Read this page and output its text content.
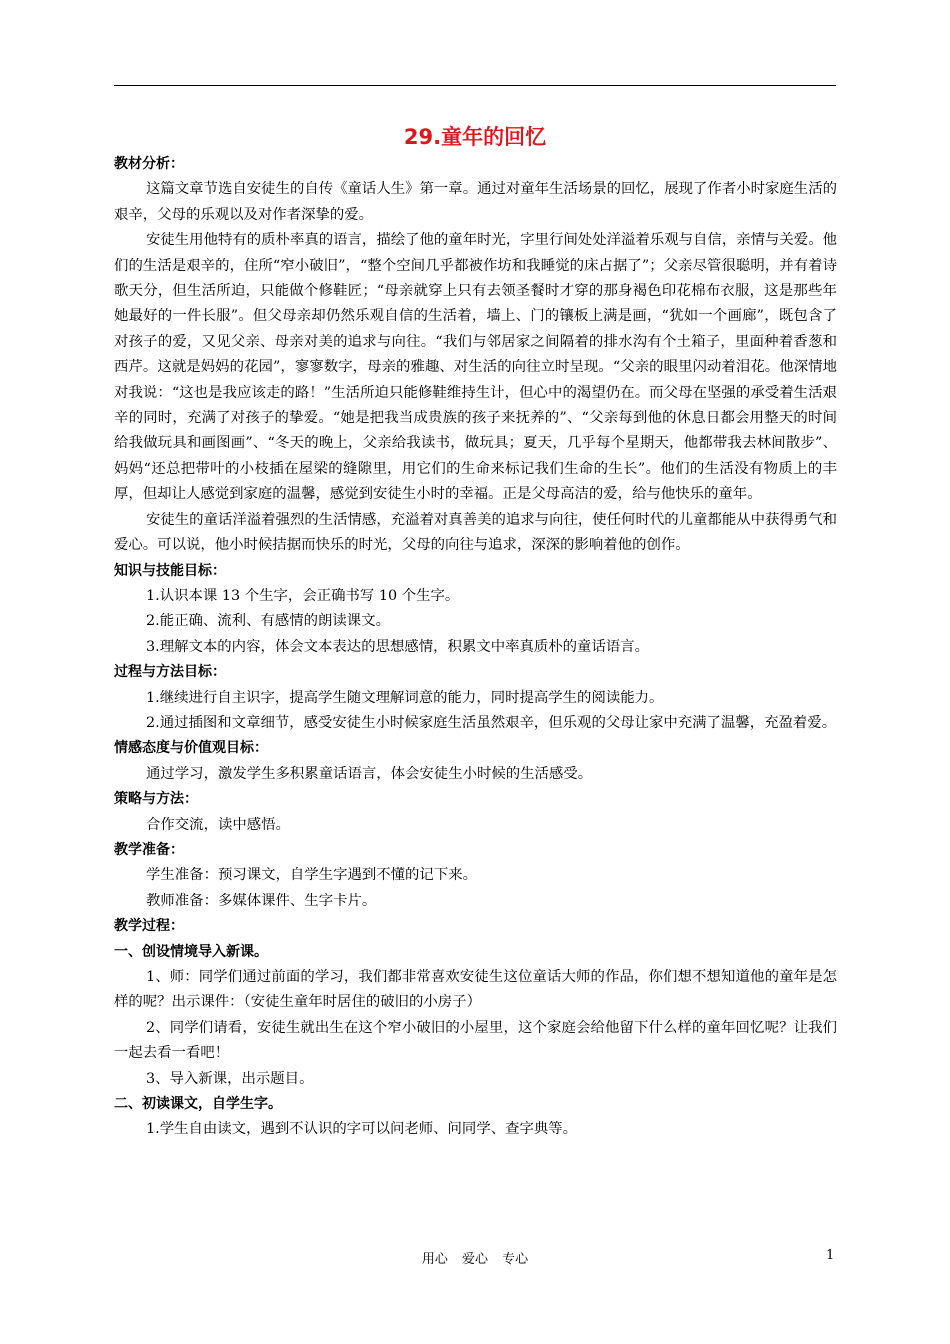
29.童年的回忆

教材分析：

这篇文章节选自安徒生的自传《童话人生》第一章。通过对童年生活场景的回忆，展现了作者小时家庭生活的艰辛，父母的乐观以及对作者深挚的爱。

安徒生用他特有的质朴率真的语言，描绘了他的童年时光，字里行间处处洋溢着乐观与自信，亲情与关爱。他们的生活是艰辛的，住所“窄小破旧”，“整个空间几乎都被作坊和我睡觉的床占据了”；父亲尽管很聪明，并有着诗歌天分，但生活所迫，只能做个修鞋匠；“母亲就穿上只有去领圣餐时才穿的那身褐色印花棉布衣服，这是那些年她最好的一件长服”。但父母亲却仍然乐观自信的生活着，墙上、门的镶板上满是画，“犹如一个画廊”，既包含了对孩子的爱，又见父亲、母亲对美的追求与向往。“我们与邻居家之间隔着的排水沟有个土箱子，里面种着香葱和西芹。这就是妈妈的花园”，寥寥数字，母亲的雅趣、对生活的向往立时呈现。“父亲的眼里闪动着泪花。他深情地对我说：“这也是我应该走的路！”生活所迫只能修鞋维持生计，但心中的渴望仍在。而父母在坚强的承受着生活艰辛的同时，充满了对孩子的挚爱。“她是把我当成贵族的孩子来抚养的”、“父亲每到他的休息日都会用整天的时间给我做玩具和画图画”、“冬天的晚上，父亲给我读书，做玩具；夏天，几乎每个星期天，他都带我去林间散步”、 妈妈“还总把带叶的小枝插在屋梁的缝隙里，用它们的生命来标记我们生命的生长”。他们的生活没有物质上的丰厚，但却让人感觉到家庭的温馨，感觉到安徒生小时的幸福。正是父母高洁的爱，给与他快乐的童年。

安徒生的童话洋溢着强烈的生活情感，充溢着对真善美的追求与向往，使任何时代的儿童都能从中获得勇气和爱心。可以说，他小时候拮据而快乐的时光，父母的向往与追求，深深的影响着他的创作。

知识与技能目标：

1.认识本课 13 个生字，会正确书写 10 个生字。

2.能正确、流利、有感情的朗读课文。

3.理解文本的内容，体会文本表达的思想感情，积累文中率真质朴的童话语言。

过程与方法目标：

1.继续进行自主识字，提高学生随文理解词意的能力，同时提高学生的阅读能力。

2.通过插图和文章细节，感受安徒生小时候家庭生活虽然艰辛，但乐观的父母让家中充满了温馨，充盈着爱。

情感态度与价值观目标：

通过学习，激发学生多积累童话语言，体会安徒生小时候的生活感受。

策略与方法：

合作交流，读中感悟。

教学准备：

学生准备：预习课文，自学生字遇到不懂的记下来。

教师准备：多媒体课件、生字卡片。

教学过程：

一、创设情境导入新课。

1、师：同学们通过前面的学习，我们都非常喜欢安徒生这位童话大师的作品，你们想不想知道他的童年是怎样的呢？出示课件：（安徒生童年时居住的破旧的小房子）

2、同学们请看，安徒生就出生在这个窄小破旧的小屋里，这个家庭会给他留下什么样的童年回忆呢？让我们一起去看一看吧！

3、导入新课，出示题目。

二、初读课文，自学生字。

1.学生自由读文，遇到不认识的字可以问老师、问同学、查字典等。

用心 爱心 专心	1
